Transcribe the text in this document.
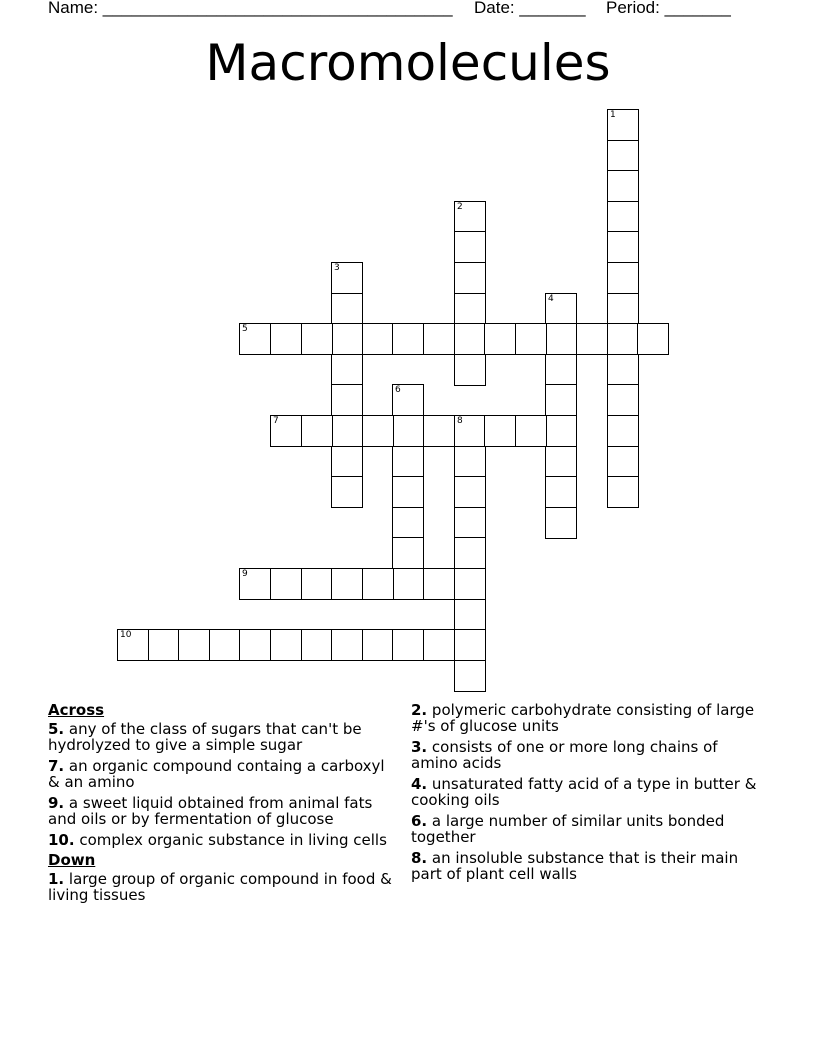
Name: _____________________________________ Date: _______ Period: _______
Macromolecules
1
2
3
4
5
6
7	8
9
10
Across
5. any of the class of sugars that can't be hydrolyzed to give a simple sugar
7. an organic compound containg a carboxyl & an amino
9. a sweet liquid obtained from animal fats and oils or by fermentation of glucose
10. complex organic substance in living cells
Down
1. large group of organic compound in food & living tissues
2. polymeric carbohydrate consisting of large #'s of glucose units
3. consists of one or more long chains of amino acids
4. unsaturated fatty acid of a type in butter & cooking oils
6. a large number of similar units bonded together
8. an insoluble substance that is their main part of plant cell walls
